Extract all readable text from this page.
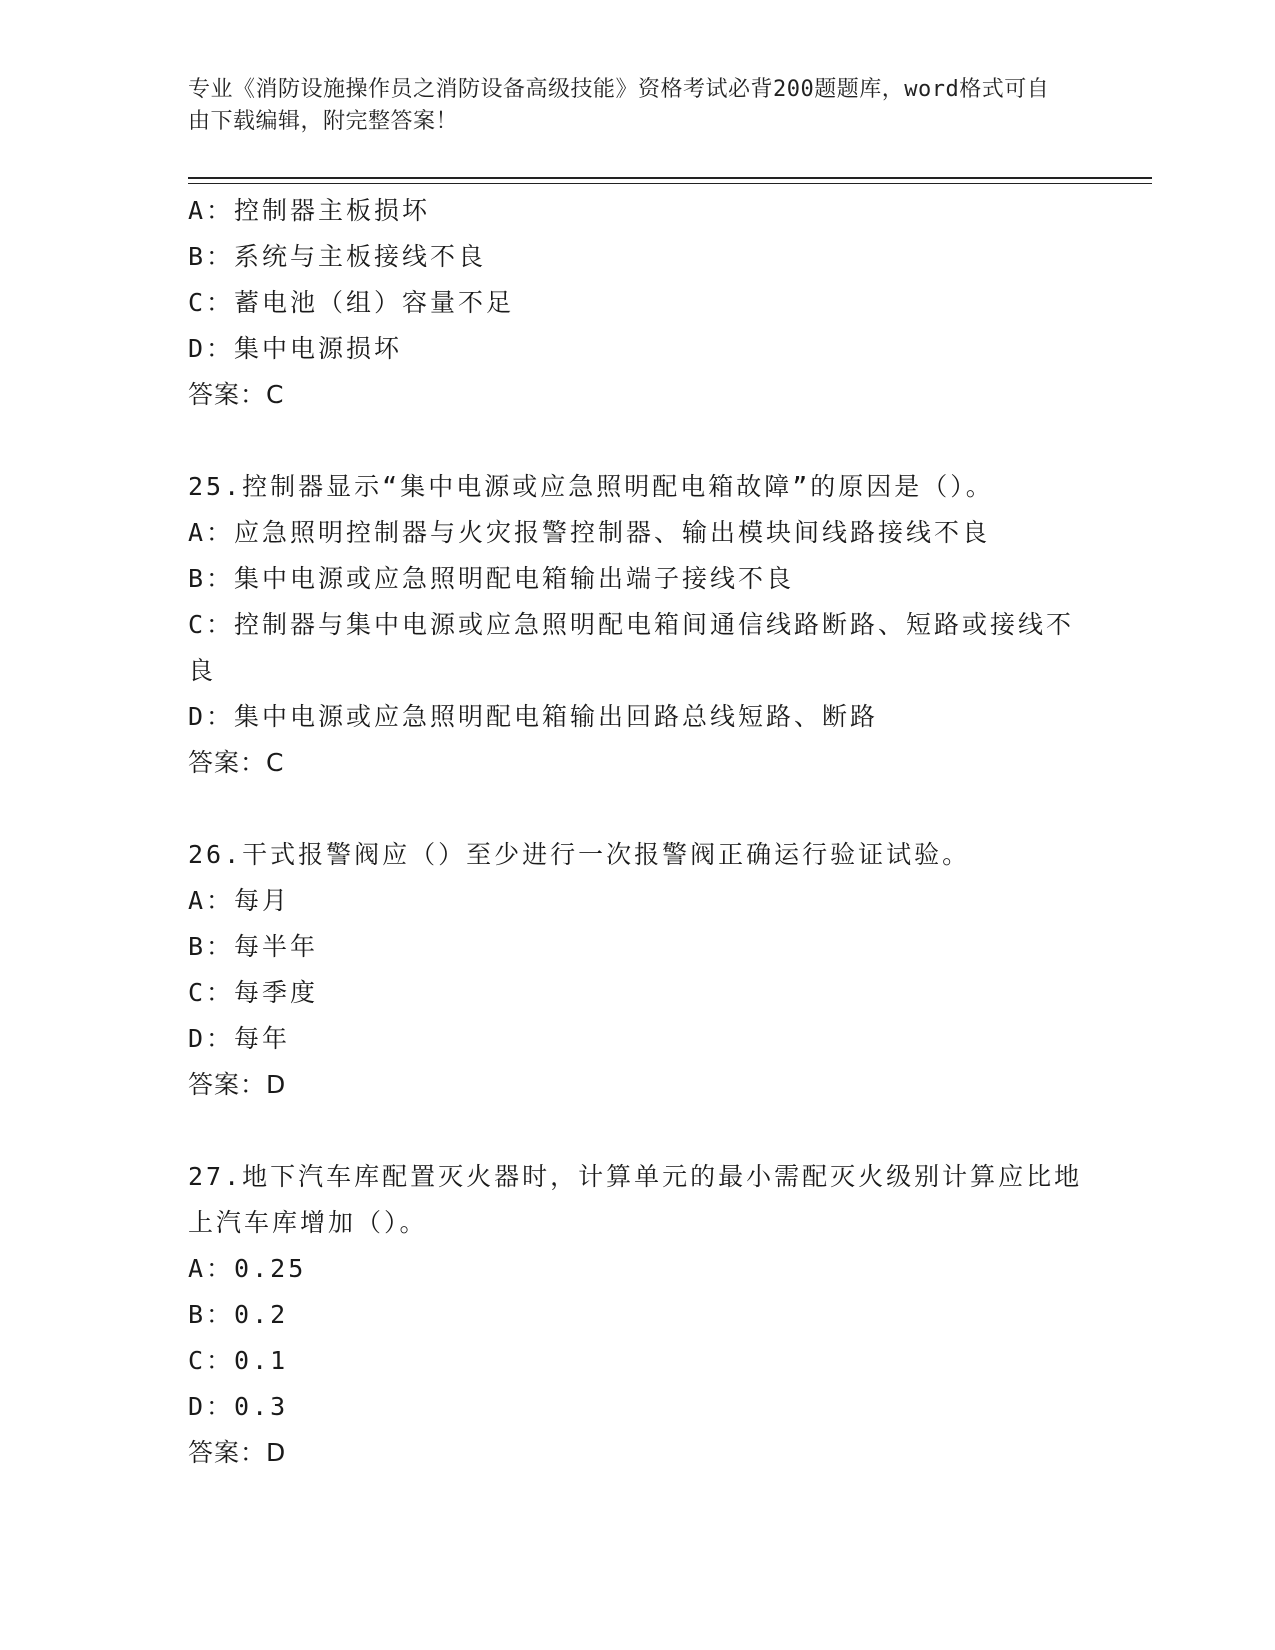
专业《消防设施操作员之消防设备高级技能》资格考试必背200题题库，word格式可自由下载编辑，附完整答案！
A：控制器主板损坏
B：系统与主板接线不良
C：蓄电池（组）容量不足
D：集中电源损坏
答案：C
25.控制器显示“集中电源或应急照明配电箱故障”的原因是（）。
A：应急照明控制器与火灾报警控制器、输出模块间线路接线不良
B：集中电源或应急照明配电箱输出端子接线不良
C：控制器与集中电源或应急照明配电箱间通信线路断路、短路或接线不良
D：集中电源或应急照明配电箱输出回路总线短路、断路
答案：C
26.干式报警阀应（）至少进行一次报警阀正确运行验证试验。
A：每月
B：每半年
C：每季度
D：每年
答案：D
27.地下汽车库配置灭火器时，计算单元的最小需配灭火级别计算应比地上汽车库增加（）。
A：0.25
B：0.2
C：0.1
D：0.3
答案：D
